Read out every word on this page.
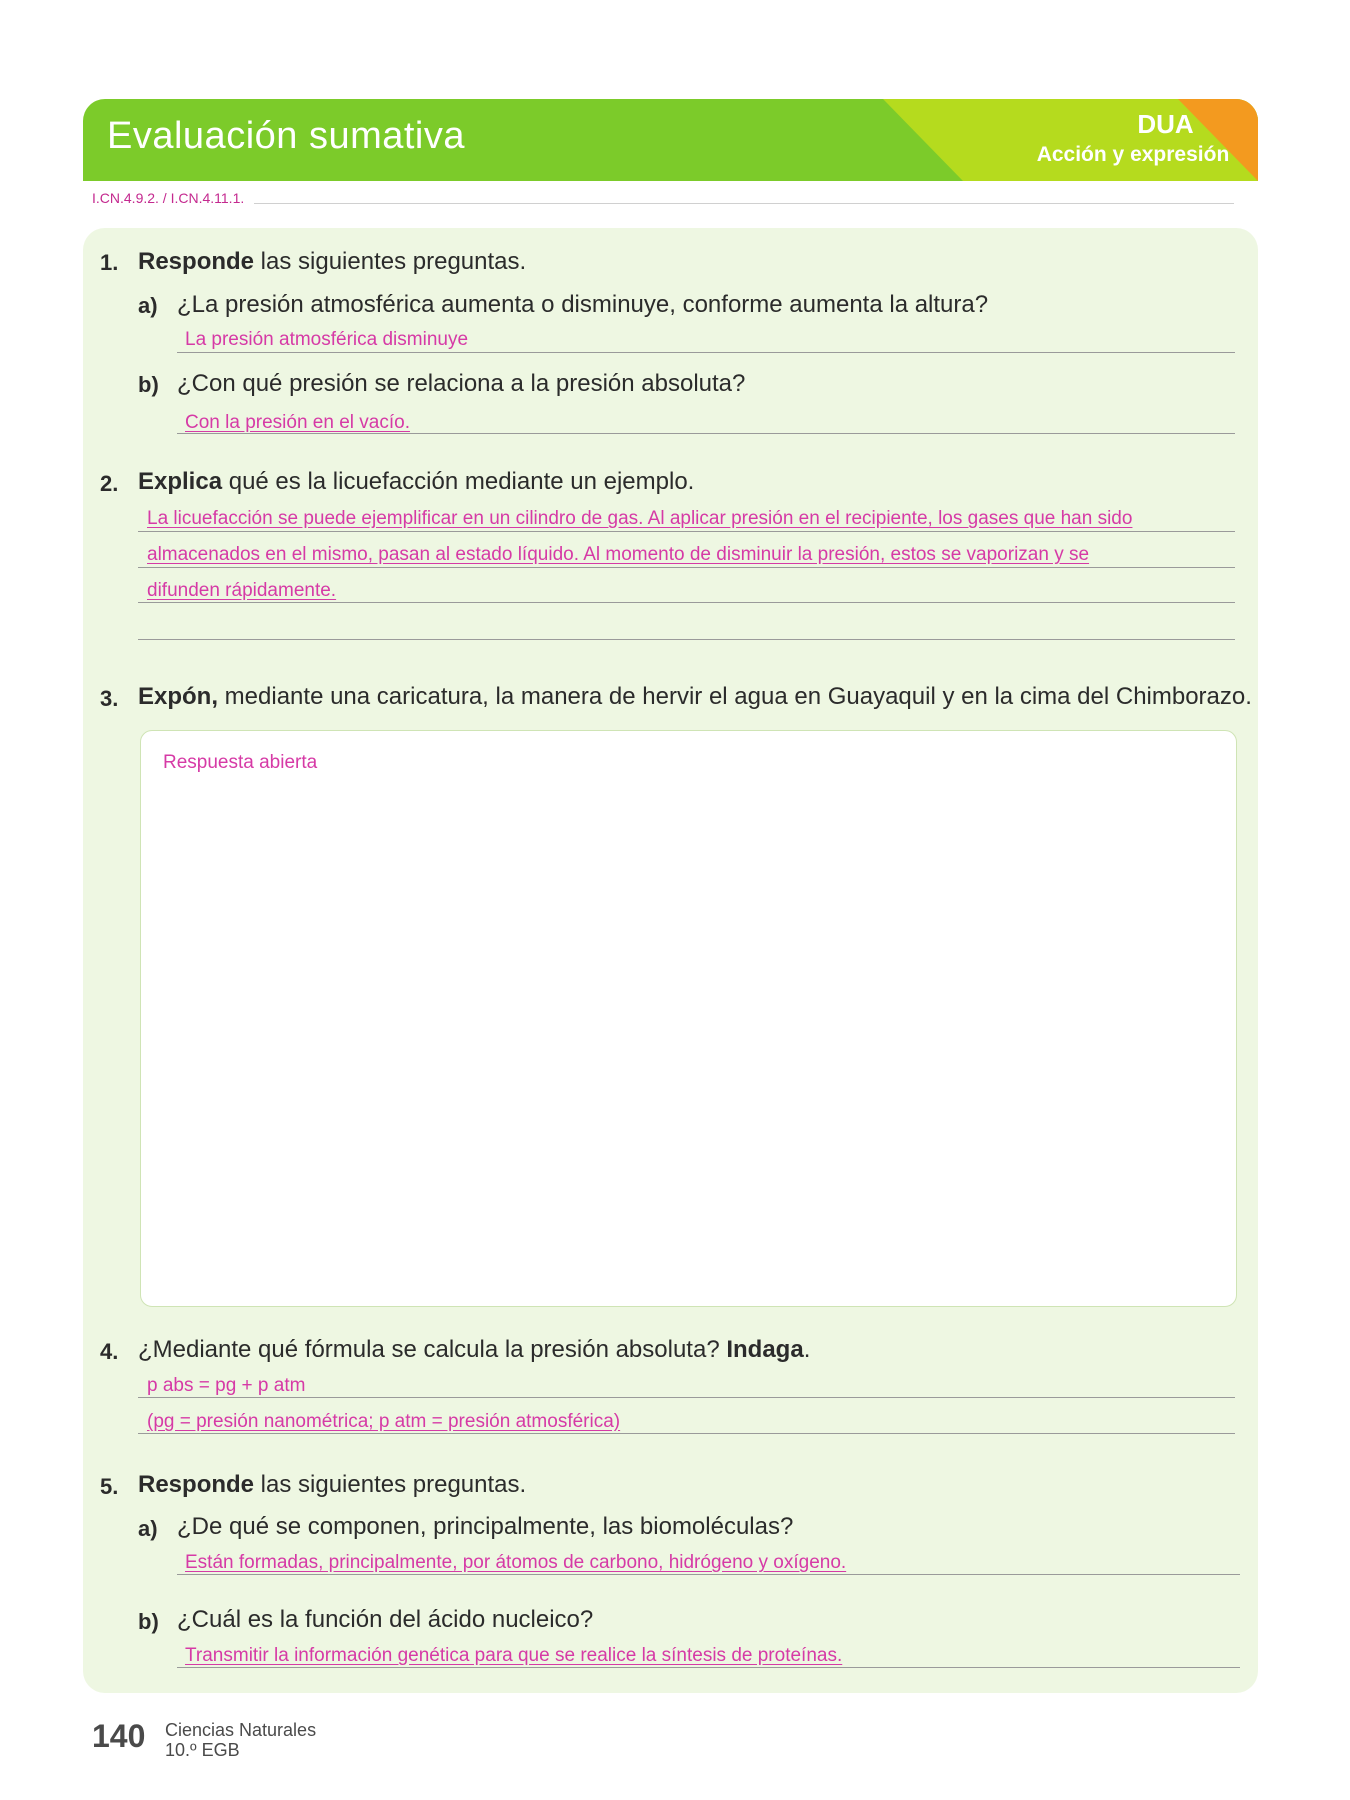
Evaluación sumativa	DUA
Acción y expresión
I.CN.4.9.2. / I.CN.4.11.1.
1. Responde las siguientes preguntas.
a) ¿La presión atmosférica aumenta o disminuye, conforme aumenta la altura?
La presión atmosférica disminuye
b) ¿Con qué presión se relaciona a la presión absoluta?
Con la presión en el vacío.
2. Explica qué es la licuefacción mediante un ejemplo.
La licuefacción se puede ejemplificar en un cilindro de gas. Al aplicar presión en el recipiente, los gases que han sido
almacenados en el mismo, pasan al estado líquido. Al momento de disminuir la presión, estos se vaporizan y se
difunden rápidamente.
3. Expón, mediante una caricatura, la manera de hervir el agua en Guayaquil y en la cima del Chimborazo.
Respuesta abierta
4. ¿Mediante qué fórmula se calcula la presión absoluta? Indaga.
p abs = pg + p atm
(pg = presión nanométrica; p atm = presión atmosférica)
5. Responde las siguientes preguntas.
a) ¿De qué se componen, principalmente, las biomoléculas?
Están formadas, principalmente, por átomos de carbono, hidrógeno y oxígeno.
b) ¿Cuál es la función del ácido nucleico?
Transmitir la información genética para que se realice la síntesis de proteínas.
140 Ciencias Naturales
10.º EGB
